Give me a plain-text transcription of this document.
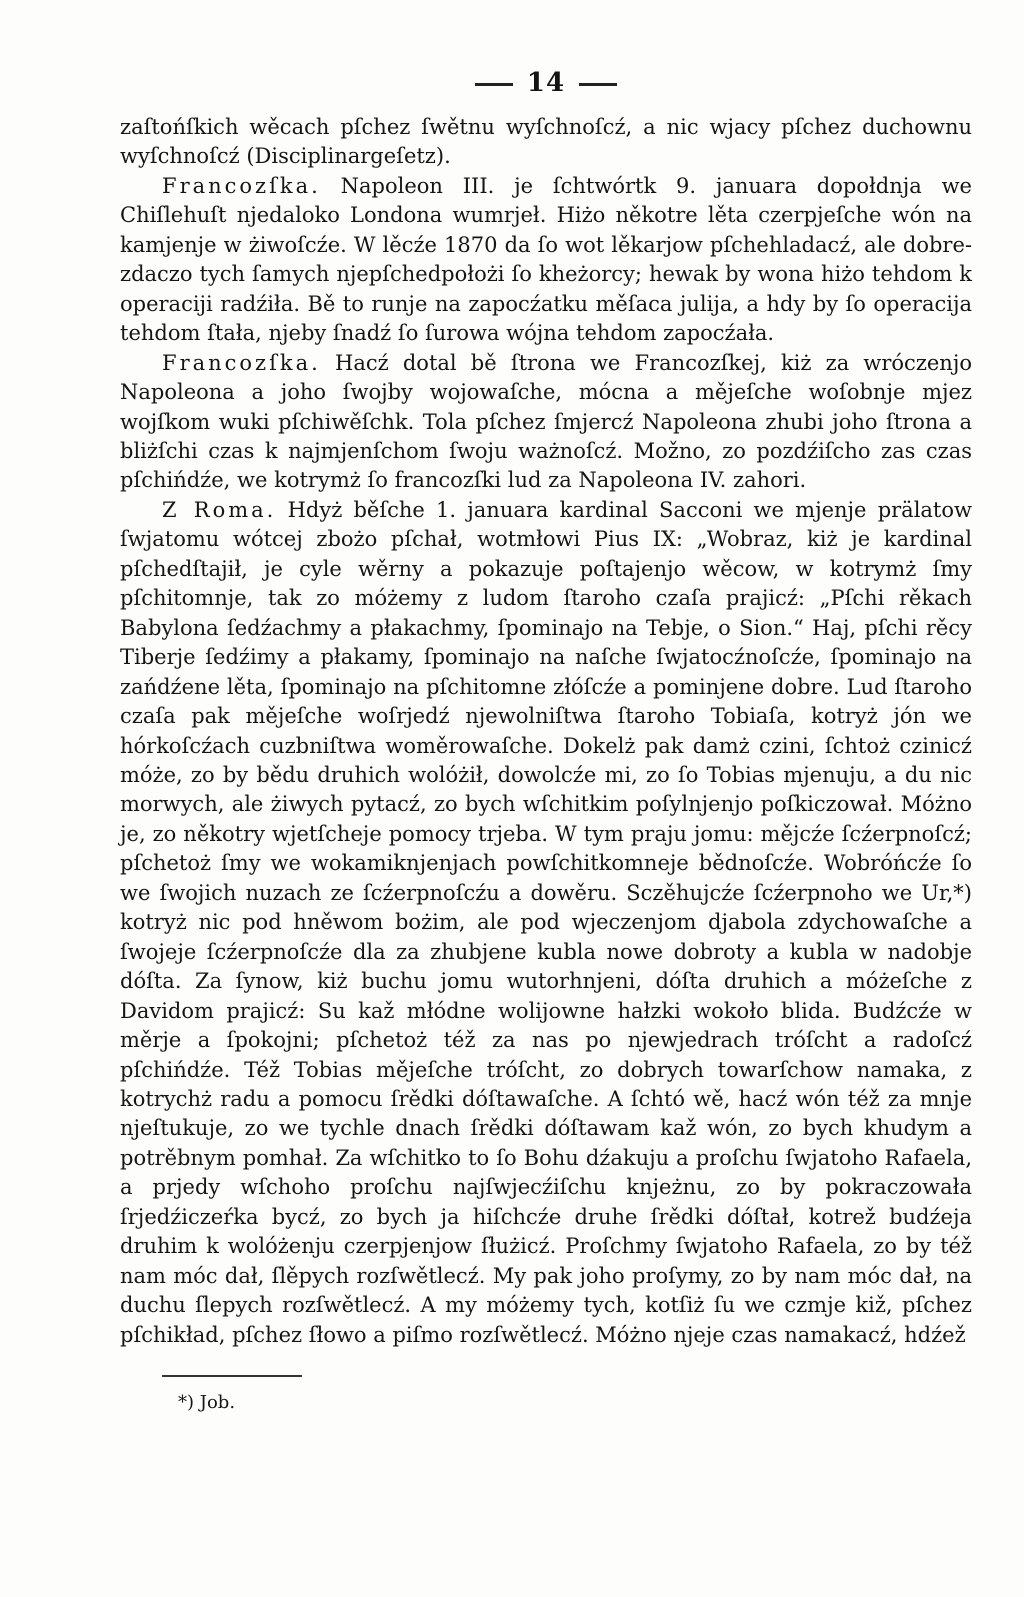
14

zaſtońſkich wěcach pſchez ſwětnu wyſchnoſcź, a nic wjacy pſchez duchownu wyſchnoſcź (Disciplinargeſetz).

Francozſka. Napoleon III. je ſchtwórtk 9. januara dopołdnja we Chiſlehuſt njedaloko Londona wumrjeł. Hiżo někotre lěta czerpjeſche wón na kamjenje w żiwoſcźe. W lěcźe 1870 da ſo wot lěkarjow pſchehladacź, ale dobrezdaczo tych ſamych njepſchedpołożi ſo kheżorcy; hewak by wona hiżo tehdom k operaciji radźiła. Bě to runje na zapocźatku měſaca julija, a hdy by ſo operacija tehdom ſtała, njeby ſnadź ſo ſurowa wójna tehdom zapocźała.

Francozſka. Hacź dotal bě ſtrona we Francozſkej, kiż za wróczenjo Napoleona a joho ſwojby wojowaſche, mócna a mějeſche woſobnje mjez wojſkom wuki pſchiwěſchk. Tola pſchez ſmjercź Napoleona zhubi joho ſtrona a bliżſchi czas k najmjenſchom ſwoju ważnoſcź. Možno, zo pozdźiſcho zas czas pſchińdźe, we kotrymż ſo francozſki lud za Napoleona IV. zahori.

Z Roma. Hdyż běſche 1. januara kardinal Sacconi we mjenje prälatow ſwjatomu wótcej zbożo pſchał, wotmłowi Pius IX: „Wobraz, kiż je kardinal pſchedſtajił, je cyle wěrny a pokazuje poſtajenjo wěcow, w kotrymż ſmy pſchitomnje, tak zo móżemy z ludom ſtaroho czaſa prajicź: „Pſchi rěkach Babylona ſedźachmy a płakachmy, ſpominajo na Tebje, o Sion.“ Haj, pſchi rěcy Tiberje ſedźimy a płakamy, ſpominajo na naſche ſwjatocźnoſcźe, ſpominajo na zańdźene lěta, ſpominajo na pſchitomne złóſcźe a pominjene dobre. Lud ſtaroho czaſa pak mějeſche woſrjedź njewolniſtwa ſtaroho Tobiaſa, kotryż jón we hórkoſcźach cuzbniſtwa woměrowaſche. Dokelż pak damż czini, ſchtoż czinicź móże, zo by bědu druhich wolóżił, dowolcźe mi, zo ſo Tobias mjenuju, a du nic morwych, ale żiwych pytacź, zo bych wſchitkim poſylnjenjo poſkiczował. Móżno je, zo někotry wjetſcheje pomocy trjeba. W tym praju jomu: mějcźe ſcźerpnoſcź; pſchetoż ſmy we wokamiknjenjach powſchitkomneje bědnoſcźe. Wobróńcźe ſo we ſwojich nuzach ze ſcźerpnoſcźu a dowěru. Sczěhujcźe ſcźerpnoho we Ur,*) kotryż nic pod hněwom bożim, ale pod wjeczenjom djabola zdychowaſche a ſwojeje ſcźerpnoſcźe dla za zhubjene kubla nowe dobroty a kubla w nadobje dóſta. Za ſynow, kiż buchu jomu wutorhnjeni, dóſta druhich a móżeſche z Davidom prajicź: Su kaž młódne wolijowne hałzki wokoło blida. Budźcźe w měrje a ſpokojni; pſchetoż též za nas po njewjedrach tróſcht a radoſcź pſchińdźe. Též Tobias mějeſche tróſcht, zo dobrych towarſchow namaka, z kotrychż radu a pomocu ſrědki dóſtawaſche. A ſchtó wě, hacź wón též za mnje njeſtukuje, zo we tychle dnach ſrědki dóſtawam kaž wón, zo bych khudym a potrěbnym pomhał. Za wſchitko to ſo Bohu dźakuju a proſchu ſwjatoho Rafaela, a prjedy wſchoho proſchu najſwjecźiſchu knjeżnu, zo by pokraczowała ſrjedźiczeŕka bycź, zo bych ja hiſchcźe druhe ſrědki dóſtał, kotrež budźeja druhim k wolóżenju czerpjenjow ſłużicź. Proſchmy ſwjatoho Rafaela, zo by též nam móc dał, ſlěpych rozſwětlecź. My pak joho proſymy, zo by nam móc dał, na duchu ſlepych rozſwětlecź. A my móżemy tych, kotſiż ſu we czmje kiž, pſchez pſchikład, pſchez ſłowo a piſmo rozſwětlecź. Móżno njeje czas namakacź, hdźež

*) Job.
